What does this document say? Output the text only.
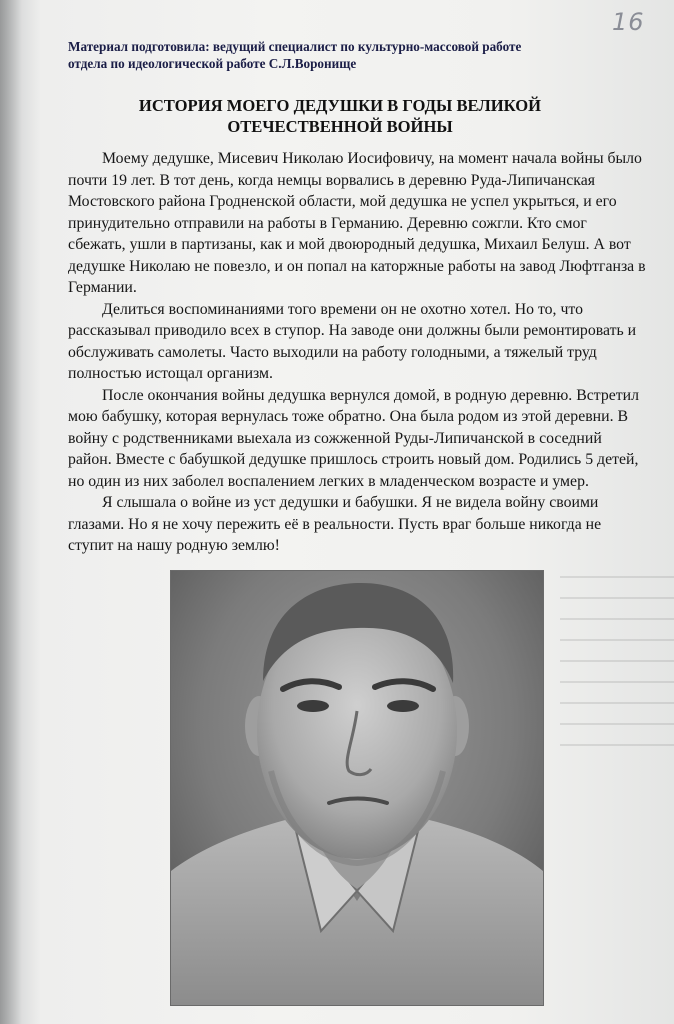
16
Материал подготовила: ведущий специалист по культурно-массовой работе отдела по идеологической работе С.Л.Воронище
ИСТОРИЯ МОЕГО ДЕДУШКИ В ГОДЫ ВЕЛИКОЙ ОТЕЧЕСТВЕННОЙ ВОЙНЫ

Моему дедушке, Мисевич Николаю Иосифовичу, на момент начала войны было почти 19 лет. В тот день, когда немцы ворвались в деревню Руда-Липичанская Мостовского района Гродненской области, мой дедушка не успел укрыться, и его принудительно отправили на работы в Германию. Деревню сожгли. Кто смог сбежать, ушли в партизаны, как и мой двоюродный дедушка, Михаил Белуш. А вот дедушке Николаю не повезло, и он попал на каторжные работы на завод Люфтганза в Германии.

Делиться воспоминаниями того времени он не охотно хотел. Но то, что рассказывал приводило всех в ступор. На заводе они должны были ремонтировать и обслуживать самолеты. Часто выходили на работу голодными, а тяжелый труд полностью истощал организм.

После окончания войны дедушка вернулся домой, в родную деревню. Встретил мою бабушку, которая вернулась тоже обратно. Она была родом из этой деревни. В войну с родственниками выехала из сожженной Руды-Липичанской в соседний район. Вместе с бабушкой дедушке пришлось строить новый дом. Родились 5 детей, но один из них заболел воспалением легких в младенческом возрасте и умер.

Я слышала о войне из уст дедушки и бабушки. Я не видела войну своими глазами. Но я не хочу пережить её в реальности. Пусть враг больше никогда не ступит на нашу родную землю!
